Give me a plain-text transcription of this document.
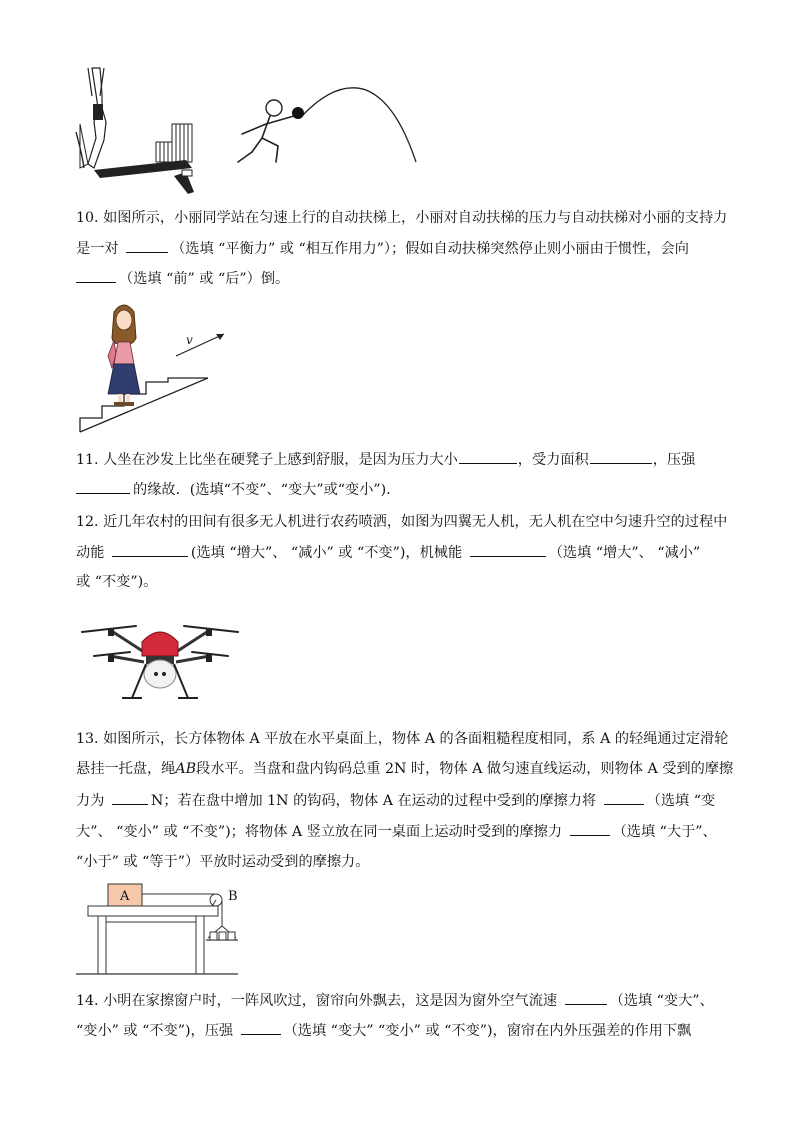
10. 如图所示，小丽同学站在匀速上行的自动扶梯上，小丽对自动扶梯的压力与自动扶梯对小丽的支持力
是一对	（选填 “平衡力” 或 “相互作用力”）；假如自动扶梯突然停止则小丽由于惯性，会向
（选填 “前” 或 “后”）倒。
v
11. 人坐在沙发上比坐在硬凳子上感到舒服，是因为压力大小	，受力面积	，压强
的缘故．(选填“不变”、“变大”或“变小”)．
12. 近几年农村的田间有很多无人机进行农药喷洒，如图为四翼无人机，无人机在空中匀速升空的过程中
动能	(选填 “增大”、 “减小” 或 “不变”)，机械能	（选填 “增大”、 “减小”
或 “不变”)。
13. 如图所示，长方体物体 A 平放在水平桌面上，物体 A 的各面粗糙程度相同，系 A 的轻绳通过定滑轮
悬挂一托盘，绳AB段水平。当盘和盘内钩码总重 2N 时，物体 A 做匀速直线运动，则物体 A 受到的摩擦
力为	N；若在盘中增加 1N 的钩码，物体 A 在运动的过程中受到的摩擦力将	（选填 “变
大”、 “变小” 或 “不变”)；将物体 A 竖立放在同一桌面上运动时受到的摩擦力	（选填 “大于”、
“小于” 或 “等于”）平放时运动受到的摩擦力。
A	B
14. 小明在家擦窗户时，一阵风吹过，窗帘向外飘去，这是因为窗外空气流速	（选填 “变大”、
“变小” 或 “不变”)，压强	（选填 “变大” “变小” 或 “不变”)，窗帘在内外压强差的作用下飘
